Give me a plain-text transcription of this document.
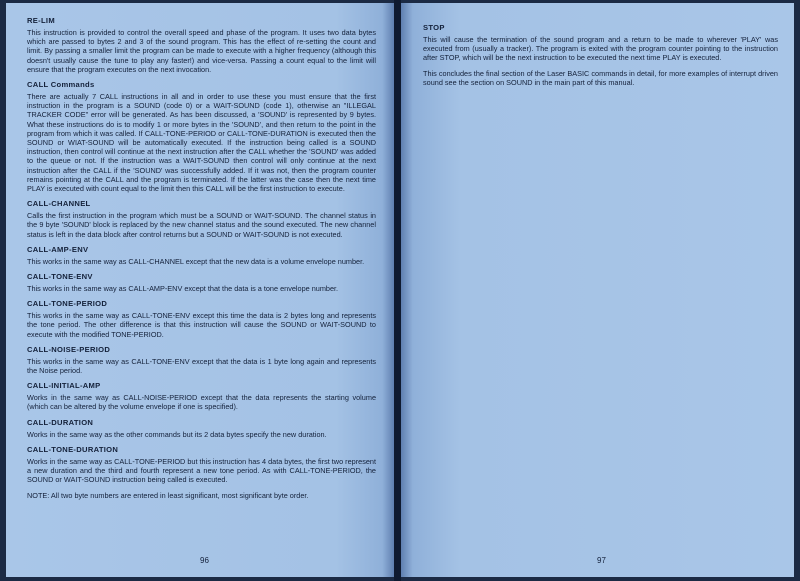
RE-LIM

This instruction is provided to control the overall speed and phase of the program. It uses two data bytes which are passed to bytes 2 and 3 of the sound program. This has the effect of re-setting the count and limit. By passing a smaller limit the program can be made to execute with a higher frequency (although this doesn't usually cause the tune to play any faster!) and vice-versa. Passing a count equal to the limit will ensure that the program executes on the next invocation.

CALL Commands

There are actually 7 CALL instructions in all and in order to use these you must ensure that the first instruction in the program is a SOUND (code 0) or a WAIT-SOUND (code 1), otherwise an "ILLEGAL TRACKER CODE" error will be generated. As has been discussed, a 'SOUND' is represented by 9 bytes. What these instructions do is to modify 1 or more bytes in the 'SOUND', and then return to the point in the program from which it was called. If CALL-TONE-PERIOD or CALL-TONE-DURATION is executed then the SOUND or WIAT-SOUND will be automatically executed. If the instruction being called is a SOUND instruction, then control will continue at the next instruction after the CALL whether the 'SOUND' was added to the queue or not. If the instruction was a WAIT-SOUND then control will only continue at the next instruction after the CALL if the 'SOUND' was successfully added. If it was not, then the program counter remains pointing at the CALL and the program is terminated. If the latter was the case then the next time PLAY is executed with count equal to the limit then this CALL will be the first instruction to execute.

CALL-CHANNEL

Calls the first instruction in the program which must be a SOUND or WAIT-SOUND. The channel status in the 9 byte 'SOUND' block is replaced by the new channel status and the sound executed. The new channel status is left in the data block after control returns but a SOUND or WAIT-SOUND is not executed.

CALL-AMP-ENV

This works in the same way as CALL-CHANNEL except that the new data is a volume envelope number.

CALL-TONE-ENV

This works in the same way as CALL-AMP-ENV except that the data is a tone envelope number.

CALL-TONE-PERIOD

This works in the same way as CALL-TONE-ENV except this time the data is 2 bytes long and represents the tone period. The other difference is that this instruction will cause the SOUND or WAIT-SOUND to execute with the modified TONE-PERIOD.

CALL-NOISE-PERIOD

This works in the same way as CALL-TONE-ENV except that the data is 1 byte long again and represents the Noise period.

CALL-INITIAL-AMP

Works in the same way as CALL-NOISE-PERIOD except that the data represents the starting volume (which can be altered by the volume envelope if one is specified).

CALL-DURATION

Works in the same way as the other commands but its 2 data bytes specify the new duration.

CALL-TONE-DURATION

Works in the same way as CALL-TONE-PERIOD but this instruction has 4 data bytes, the first two represent a new duration and the third and fourth represent a new tone period. As with CALL-TONE-PERIOD, the SOUND or WAIT-SOUND instruction being called is executed.

NOTE: All two byte numbers are entered in least significant, most significant byte order.

96
STOP

This will cause the termination of the sound program and a return to be made to wherever 'PLAY' was executed from (usually a tracker). The program is exited with the program counter pointing to the instruction after STOP, which will be the next instruction to be executed the next time PLAY is executed.

This concludes the final section of the Laser BASIC commands in detail, for more examples of interrupt driven sound see the section on SOUND in the main part of this manual.

97
